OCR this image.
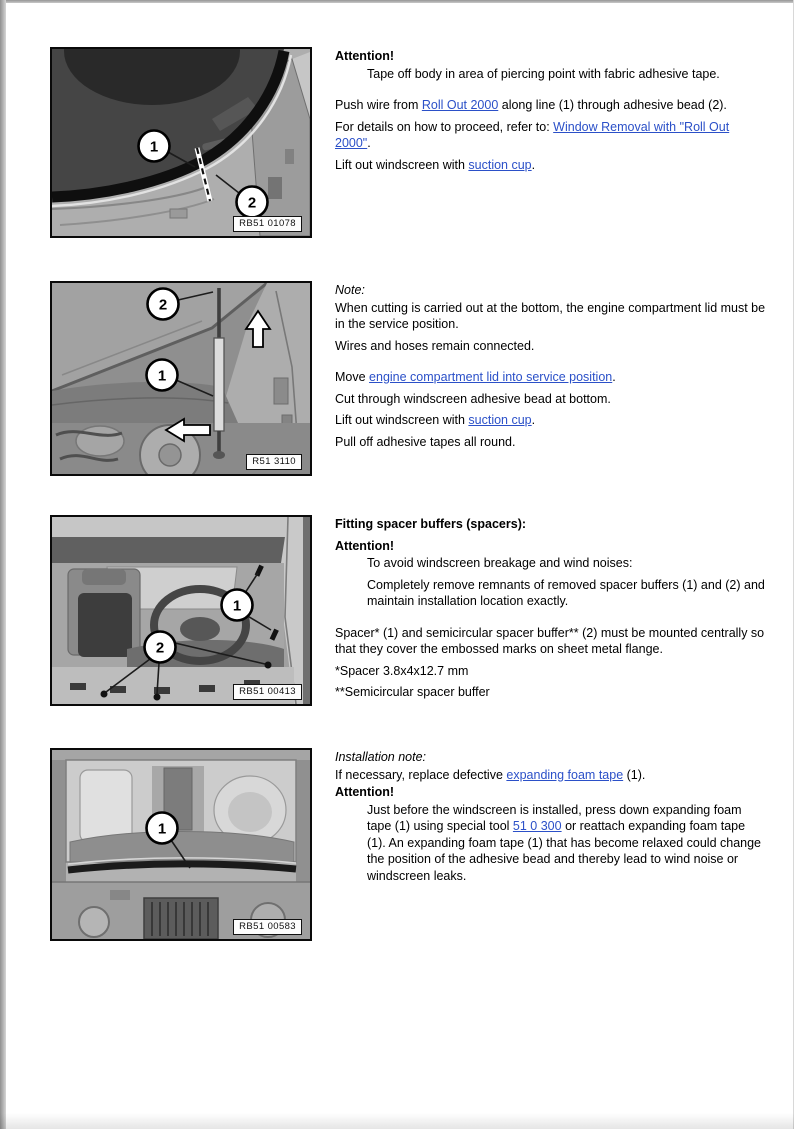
1
2
RB51 01078
Attention!
Tape off body in area of piercing point with fabric adhesive tape.
Push wire from Roll Out 2000 along line (1) through adhesive bead (2).
For details on how to proceed, refer to: Window Removal with "Roll Out 2000".
Lift out windscreen with suction cup.
2
1
R51 3110
Note:
When cutting is carried out at the bottom, the engine compartment lid must be in the service position.
Wires and hoses remain connected.
Move engine compartment lid into service position.
Cut through windscreen adhesive bead at bottom.
Lift out windscreen with suction cup.
Pull off adhesive tapes all round.
1
2
RB51 00413
Fitting spacer buffers (spacers):
Attention!
To avoid windscreen breakage and wind noises:
Completely remove remnants of removed spacer buffers (1) and (2) and maintain installation location exactly.
Spacer* (1) and semicircular spacer buffer** (2) must be mounted centrally so that they cover the embossed marks on sheet metal flange.
*Spacer 3.8x4x12.7 mm
**Semicircular spacer buffer
1
RB51 00583
Installation note:
If necessary, replace defective expanding foam tape (1).
Attention!
Just before the windscreen is installed, press down expanding foam tape (1) using special tool 51 0 300 or reattach expanding foam tape (1). An expanding foam tape (1) that has become relaxed could change the position of the adhesive bead and thereby lead to wind noise or windscreen leaks.
